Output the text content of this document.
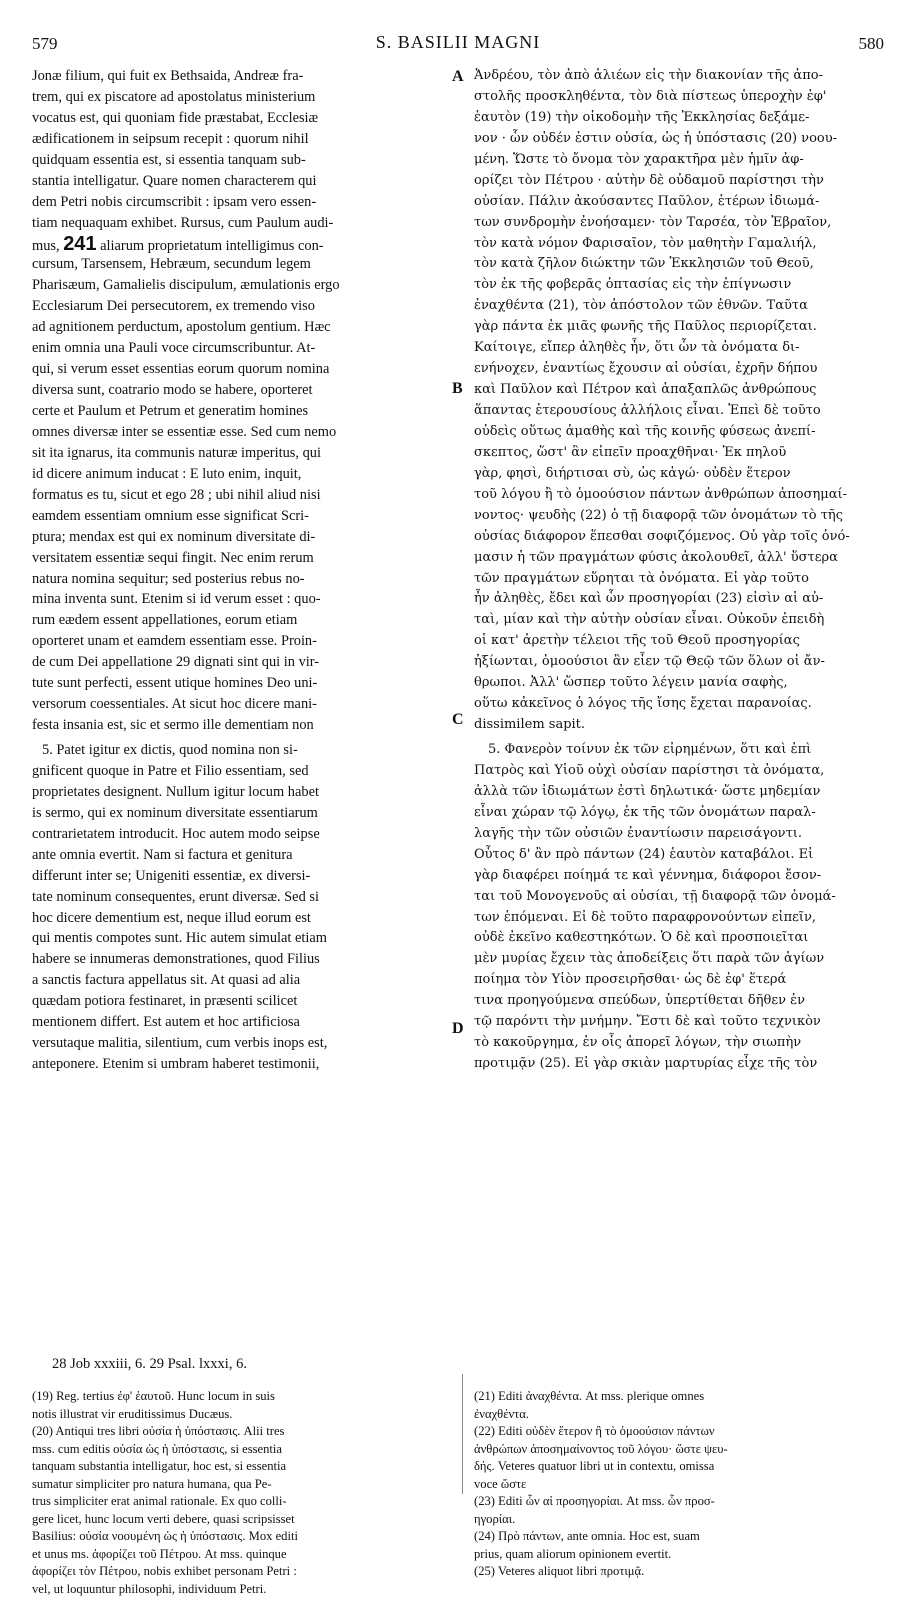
579	S. BASILII MAGNI	580
Jonæ filium, qui fuit ex Bethsaida, Andreæ fra-
trem, qui ex piscatore ad apostolatus ministerium
vocatus est, qui quoniam fide præstabat, Ecclesiæ
ædificationem in seipsum recepit : quorum nihil
quidquam essentia est, si essentia tanquam sub-
stantia intelligatur. Quare nomen characterem qui
dem Petri nobis circumscribit : ipsam vero essen-
tiam nequaquam exhibet. Rursus, cum Paulum audi-
mus, 241 aliarum proprietatum intelligimus con-
cursum, Tarsensem, Hebræum, secundum legem
Pharisæum, Gamalielis discipulum, æmulationis ergo
Ecclesiarum Dei persecutorem, ex tremendo viso
ad agnitionem perductum, apostolum gentium. Hæc
enim omnia una Pauli voce circumscribuntur. At-
qui, si verum esset essentias eorum quorum nomina
diversa sunt, coatrario modo se habere, oporteret
certe et Paulum et Petrum et generatim homines
omnes diversæ inter se essentiæ esse. Sed cum nemo
sit ita ignarus, ita communis naturæ imperitus, qui
id dicere animum inducat : E luto enim, inquit,
formatus es tu, sicut et ego 28 ; ubi nihil aliud nisi
eamdem essentiam omnium esse significat Scri-
ptura; mendax est qui ex nominum diversitate di-
versitatem essentiæ sequi fingit. Nec enim rerum
natura nomina sequitur; sed posterius rebus no-
mina inventa sunt. Etenim si id verum esset : quo-
rum eædem essent appellationes, eorum etiam
oporteret unam et eamdem essentiam esse. Proin-
de cum Dei appellatione 29 dignati sint qui in vir-
tute sunt perfecti, essent utique homines Deo uni-
versorum coessentiales. At sicut hoc dicere mani-
festa insania est, sic et sermo ille dementiam non
5. Patet igitur ex dictis, quod nomina non si-
gnificent quoque in Patre et Filio essentiam, sed
proprietates designent. Nullum igitur locum habet
is sermo, qui ex nominum diversitate essentiarum
contrarietatem introducit. Hoc autem modo seipse
ante omnia evertit. Nam si factura et genitura
differunt inter se; Unigeniti essentiæ, ex diversi-
tate nominum consequentes, erunt diversæ. Sed si
hoc dicere dementium est, neque illud eorum est
qui mentis compotes sunt. Hic autem simulat etiam
habere se innumeras demonstrationes, quod Filius
a sanctis factura appellatus sit. At quasi ad alia
quædam potiora festinaret, in præsenti scilicet
mentionem differt. Est autem et hoc artificiosa
versutaque malitia, silentium, cum verbis inops est,
anteponere. Etenim si umbram haberet testimonii,
Ἀνδρέου, τὸν ἀπὸ ἁλιέων εἰς τὴν διακονίαν τῆς ἀπο-
στολῆς προσκληθέντα, τὸν διὰ πίστεως ὑπεροχὴν ἐφ'
ἑαυτὸν (19) τὴν οἰκοδομὴν τῆς Ἐκκλησίας δεξάμε-
νον · ὧν οὐδέν ἐστιν οὐσία, ὡς ἡ ὑπόστασις (20) νοου-
μένη. Ὥστε τὸ ὄνομα τὸν χαρακτῆρα μὲν ἡμῖν ἀφ-
ορίζει τὸν Πέτρου · αὐτὴν δὲ οὐδαμοῦ παρίστησι τὴν
οὐσίαν. Πάλιν ἀκούσαντες Παῦλον, ἑτέρων ἰδιωμά-
των συνδρομὴν ἐνοήσαμεν· τὸν Ταρσέα, τὸν Ἑβραῖον,
τὸν κατὰ νόμον Φαρισαῖον, τὸν μαθητὴν Γαμαλιήλ,
τὸν κατὰ ζῆλον διώκτην τῶν Ἐκκλησιῶν τοῦ Θεοῦ,
τὸν ἐκ τῆς φοβερᾶς ὀπτασίας εἰς τὴν ἐπίγνωσιν
ἐναχθέντα (21), τὸν ἀπόστολον τῶν ἐθνῶν. Ταῦτα
γὰρ πάντα ἐκ μιᾶς φωνῆς τῆς Παῦλος περιορίζεται.
Καίτοιγε, εἴπερ ἀληθὲς ἦν, ὅτι ὧν τὰ ὀνόματα δι-
ενήνοχεν, ἐναντίως ἔχουσιν αἱ οὐσίαι, ἐχρῆν δήπου
καὶ Παῦλον καὶ Πέτρον καὶ ἁπαξαπλῶς ἀνθρώπους
ἅπαντας ἑτερουσίους ἀλλήλοις εἶναι. Ἐπεὶ δὲ τοῦτο
οὐδεὶς οὕτως ἀμαθὴς καὶ τῆς κοινῆς φύσεως ἀνεπί-
σκεπτος, ὥστ' ἂν εἰπεῖν προαχθῆναι· Ἐκ πηλοῦ
γὰρ, φησὶ, διήρτισαι σὺ, ὡς κἀγώ· οὐδὲν ἕτερον
τοῦ λόγου ἢ τὸ ὁμοούσιον πάντων ἀνθρώπων ἀποσημαί-
νοντος· ψευδὴς (22) ὁ τῇ διαφορᾷ τῶν ὀνομάτων τὸ τῆς
οὐσίας διάφορον ἕπεσθαι σοφιζόμενος. Οὐ γὰρ τοῖς ὀνό-
μασιν ἡ τῶν πραγμάτων φύσις ἀκολουθεῖ, ἀλλ' ὕστερα
τῶν πραγμάτων εὕρηται τὰ ὀνόματα. Εἰ γὰρ τοῦτο
ἦν ἀληθὲς, ἔδει καὶ ὧν προσηγορίαι (23) εἰσὶν αἱ αὐ-
ταὶ, μίαν καὶ τὴν αὐτὴν οὐσίαν εἶναι. Οὐκοῦν ἐπειδὴ
οἱ κατ' ἀρετὴν τέλειοι τῆς τοῦ Θεοῦ προσηγορίας
ἠξίωνται, ὁμοούσιοι ἂν εἶεν τῷ Θεῷ τῶν ὅλων οἱ ἄν-
θρωποι. Ἀλλ' ὥσπερ τοῦτο λέγειν μανία σαφὴς,
οὕτω κἀκεῖνος ὁ λόγος τῆς ἴσης ἔχεται παρανοίας.
dissimilem sapit.
5. Φανερὸν τοίνυν ἐκ τῶν εἰρημένων, ὅτι καὶ ἐπὶ
Πατρὸς καὶ Υἱοῦ οὐχὶ οὐσίαν παρίστησι τὰ ὀνόματα,
ἀλλὰ τῶν ἰδιωμάτων ἐστὶ δηλωτικά· ὥστε μηδεμίαν
εἶναι χώραν τῷ λόγῳ, ἐκ τῆς τῶν ὀνομάτων παραλ-
λαγῆς τὴν τῶν οὐσιῶν ἐναντίωσιν παρεισάγοντι.
Οὗτος δ' ἂν πρὸ πάντων (24) ἑαυτὸν καταβάλοι. Εἰ
γὰρ διαφέρει ποίημά τε καὶ γέννημα, διάφοροι ἔσον-
ται τοῦ Μονογενοῦς αἱ οὐσίαι, τῇ διαφορᾷ τῶν ὀνομά-
των ἑπόμεναι. Εἰ δὲ τοῦτο παραφρονούντων εἰπεῖν,
οὐδὲ ἐκεῖνο καθεστηκότων. Ὁ δὲ καὶ προσποιεῖται
μὲν μυρίας ἔχειν τὰς ἀποδείξεις ὅτι παρὰ τῶν ἁγίων
ποίημα τὸν Υἱὸν προσειρῆσθαι· ὡς δὲ ἐφ' ἕτερά
τινα προηγούμενα σπεύδων, ὑπερτίθεται δῆθεν ἐν
τῷ παρόντι τὴν μνήμην. Ἔστι δὲ καὶ τοῦτο τεχνικὸν
τὸ κακοῦργημα, ἐν οἷς ἀπορεῖ λόγων, τὴν σιωπὴν
προτιμᾷν (25). Εἰ γὰρ σκιὰν μαρτυρίας εἶχε τῆς τὸν
A
B
C
D
28 Job xxxiii, 6. 29 Psal. lxxxi, 6.
(19) Reg. tertius ἐφ' ἑαυτοῦ. Hunc locum in suis
notis illustrat vir eruditissimus Ducæus.
(20) Antiqui tres libri οὐσία ἡ ὑπόστασις. Alii tres
mss. cum editis οὐσία ὡς ἡ ὑπόστασις, si essentia
tanquam substantia intelligatur, hoc est, si essentia
sumatur simpliciter pro natura humana, qua Pe-
trus simpliciter erat animal rationale. Ex quo colli-
gere licet, hunc locum verti debere, quasi scripsisset
Basilius: οὐσία νοουμένη ὡς ἡ ὑπόστασις. Mox editi
et unus ms. ἀφορίζει τοῦ Πέτρου. At mss. quinque
ἀφορίζει τὸν Πέτρου, nobis exhibet personam Petri :
vel, ut loquuntur philosophi, individuum Petri.
(21) Editi ἀναχθέντα. At mss. plerique omnes
ἐναχθέντα.
(22) Editi οὐδὲν ἕτερον ἢ τὸ ὁμοούσιον πάντων
ἀνθρώπων ἀποσημαίνοντος τοῦ λόγου· ὥστε ψευ-
δής. Veteres quatuor libri ut in contextu, omissa
voce ὥστε
(23) Editi ὧν αἱ προσηγορίαι. At mss. ὧν προσ-
ηγορίαι.
(24) Πρὸ πάντων, ante omnia. Hoc est, suam
prius, quam aliorum opinionem evertit.
(25) Veteres aliquot libri προτιμᾷ.
